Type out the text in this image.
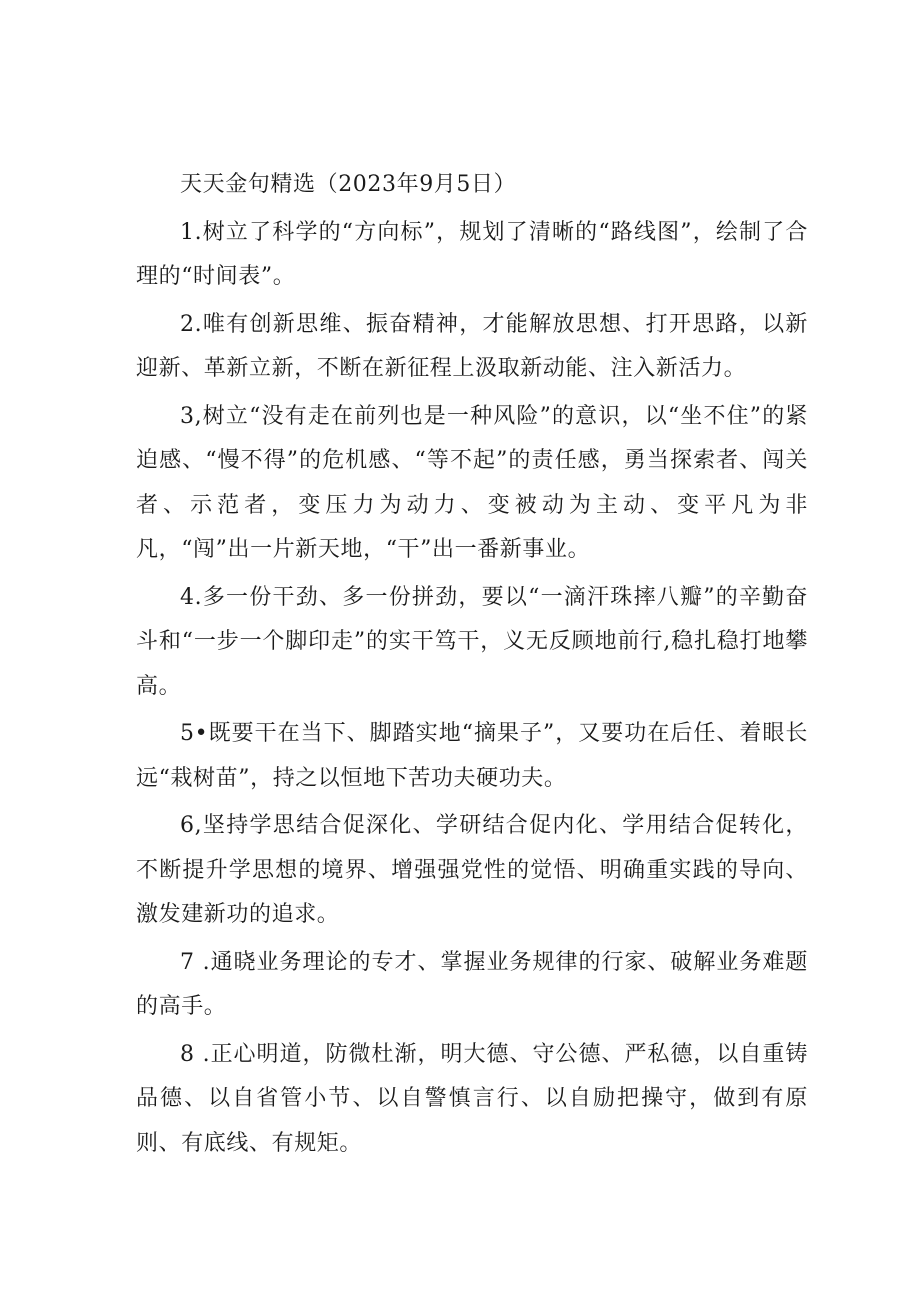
天天金句精选（2023年9月5日）

1.树立了科学的“方向标”，规划了清晰的“路线图”，绘制了合理的“时间表”。

2.唯有创新思维、振奋精神，才能解放思想、打开思路，以新迎新、革新立新，不断在新征程上汲取新动能、注入新活力。

3,树立“没有走在前列也是一种风险”的意识，以“坐不住”的紧迫感、“慢不得”的危机感、“等不起”的责任感，勇当探索者、闯关者、示范者，变压力为动力、变被动为主动、变平凡为非凡，“闯”出一片新天地，“干”出一番新事业。

4.多一份干劲、多一份拼劲，要以“一滴汗珠摔八瓣”的辛勤奋斗和“一步一个脚印走”的实干笃干，义无反顾地前行,稳扎稳打地攀高。

5•既要干在当下、脚踏实地“摘果子”，又要功在后任、着眼长远“栽树苗”，持之以恒地下苦功夫硬功夫。

6,坚持学思结合促深化、学研结合促内化、学用结合促转化，不断提升学思想的境界、增强强党性的觉悟、明确重实践的导向、激发建新功的追求。

7 .通晓业务理论的专才、掌握业务规律的行家、破解业务难题的高手。

8 .正心明道，防微杜渐，明大德、守公德、严私德，以自重铸品德、以自省管小节、以自警慎言行、以自励把操守，做到有原则、有底线、有规矩。
